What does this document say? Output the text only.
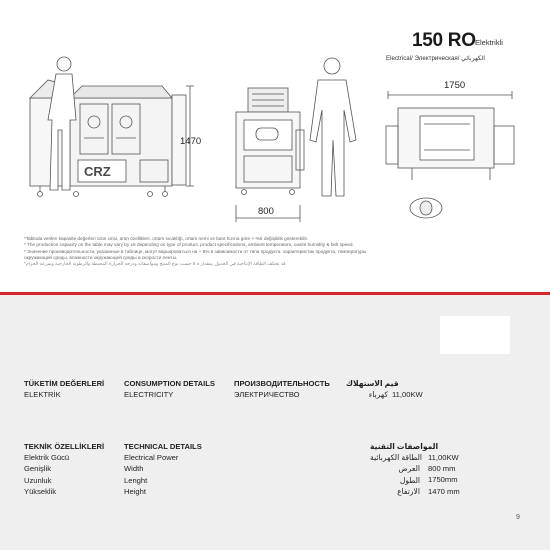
150 RO Elektrikli
Electrical/ Электрическая/ الكهربائي
CRZ
1470
800
1750
*Tabloda verilen kapasite değerleri ürün cinsi, ürün özellikleri, ortam sıcaklığı, ortam nemi ve bant hızına göre +-%5 değişiklik gösterebilir.
* The production capacity on the table may vary by ±5 depending on type of product, product specifications, ambient temperature, ousite humidity & belt speed.
* Значение производительности, указанные в таблице, могут варьироваться на + 5% в зависимости от типа продукта, характеристик продукта, температуры
окружающей среды, влажности окружающей среды и скорости ленты.
*قد تختلف الطاقة الإنتاجية في الجدول بمقدار ± 5 حسب نوع المنتج ومواصفاته ودرجة الحرارة المحيطة والرطوبة الخارجية وسرعة الحزام
TÜKETİM DEĞERLERİ
ELEKTRİK
CONSUMPTION DETAILS
ELECTRICITY
ПРОИЗВОДИТЕЛЬНОСТЬ
ЭЛЕКТРИЧЕСТВО
قيم الاستهلاك
كهرباء 11,00KW
TEKNİK ÖZELLİKLERİ
Elektrik Gücü
Genişlik
Uzunluk
Yükseklik
TECHNICAL DETAILS
Electrical Power
Width
Lenght
Height
المواصفات التقنية
الطاقة الكهربائية
العرض
الطول
الارتفاع
11,00KW
800 mm
1750mm
1470 mm
9
